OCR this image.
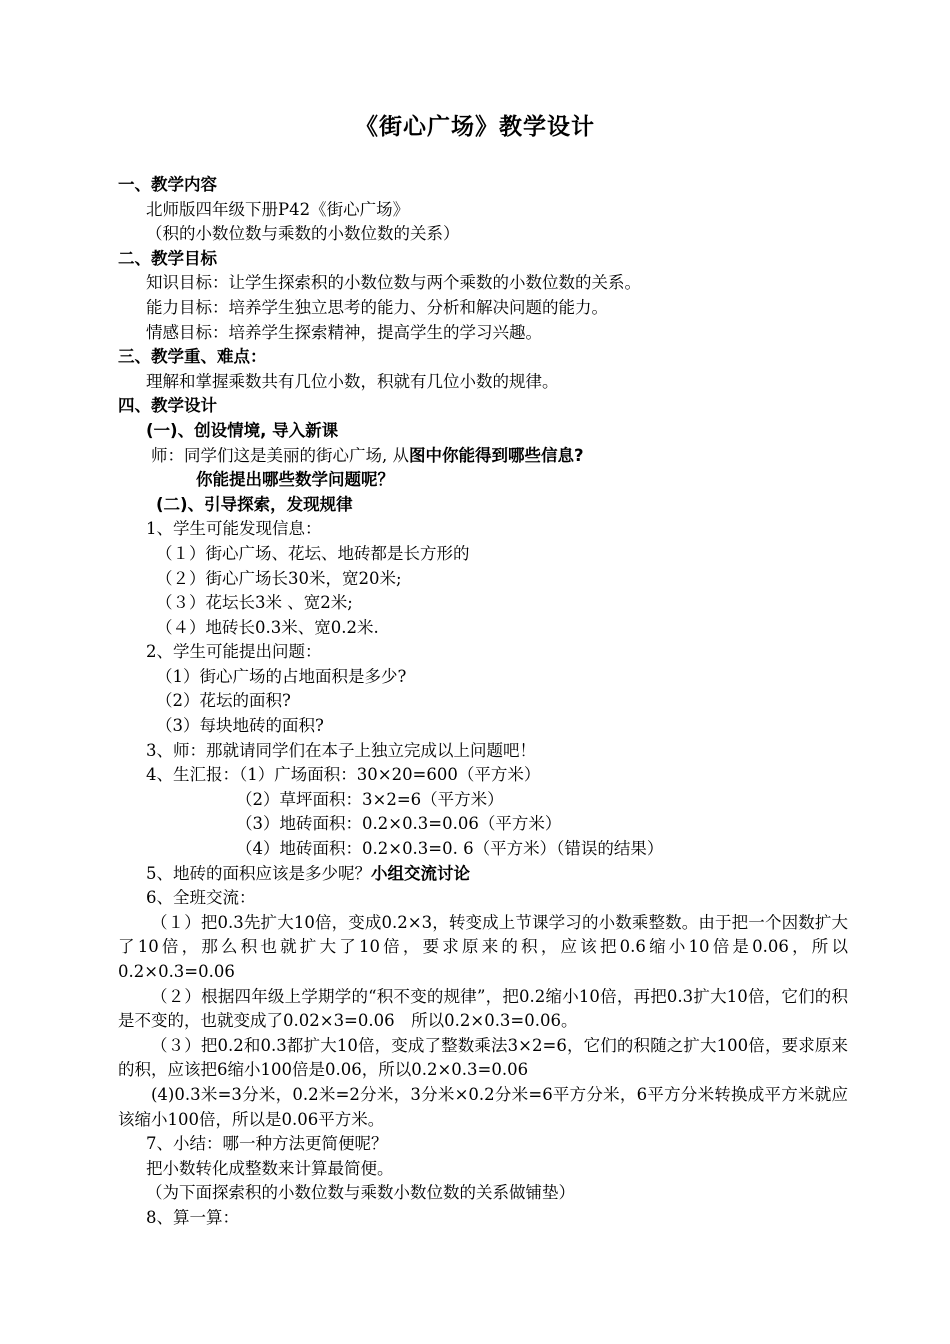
《街心广场》教学设计
一、教学内容
北师版四年级下册P42《街心广场》
（积的小数位数与乘数的小数位数的关系）
二、教学目标
知识目标：让学生探索积的小数位数与两个乘数的小数位数的关系。
能力目标：培养学生独立思考的能力、分析和解决问题的能力。
情感目标：培养学生探索精神，提高学生的学习兴趣。
三、教学重、难点：
理解和掌握乘数共有几位小数，积就有几位小数的规律。
四、教学设计
(一)、创设情境, 导入新课
师：同学们这是美丽的街心广场, 从图中你能得到哪些信息?
你能提出哪些数学问题呢？
(二)、引导探索，发现规律
1、学生可能发现信息：
（１）街心广场、花坛、地砖都是长方形的
（２）街心广场长30米，宽20米;
（３）花坛长3米 、宽2米;
（４）地砖长0.3米、宽0.2米.
2、学生可能提出问题：
（1）街心广场的占地面积是多少?
（2）花坛的面积?
（3）每块地砖的面积?
3、师：那就请同学们在本子上独立完成以上问题吧！
4、生汇报：（1）广场面积：30×20=600（平方米）
（2）草坪面积：3×2=6（平方米）
（3）地砖面积：0.2×0.3=0.06（平方米）
（4）地砖面积：0.2×0.3=0. 6（平方米）（错误的结果）
5、地砖的面积应该是多少呢？小组交流讨论
6、全班交流：
（１）把0.3先扩大10倍，变成0.2×3，转变成上节课学习的小数乘整数。由于把一个因数扩大了10倍，那么积也就扩大了10倍，要求原来的积，应该把0.6缩小10倍是0.06，所以0.2×0.3=0.06
（２）根据四年级上学期学的“积不变的规律”，把0.2缩小10倍，再把0.3扩大10倍，它们的积是不变的，也就变成了0.02×3=0.06　所以0.2×0.3=0.06。
（３）把0.2和0.3都扩大10倍，变成了整数乘法3×2=6，它们的积随之扩大100倍，要求原来的积，应该把6缩小100倍是0.06，所以0.2×0.3=0.06
(4)0.3米=3分米，0.2米=2分米，3分米×0.2分米=6平方分米，6平方分米转换成平方米就应该缩小100倍，所以是0.06平方米。
7、小结：哪一种方法更简便呢？
把小数转化成整数来计算最简便。
（为下面探索积的小数位数与乘数小数位数的关系做铺垫）
8、算一算：
